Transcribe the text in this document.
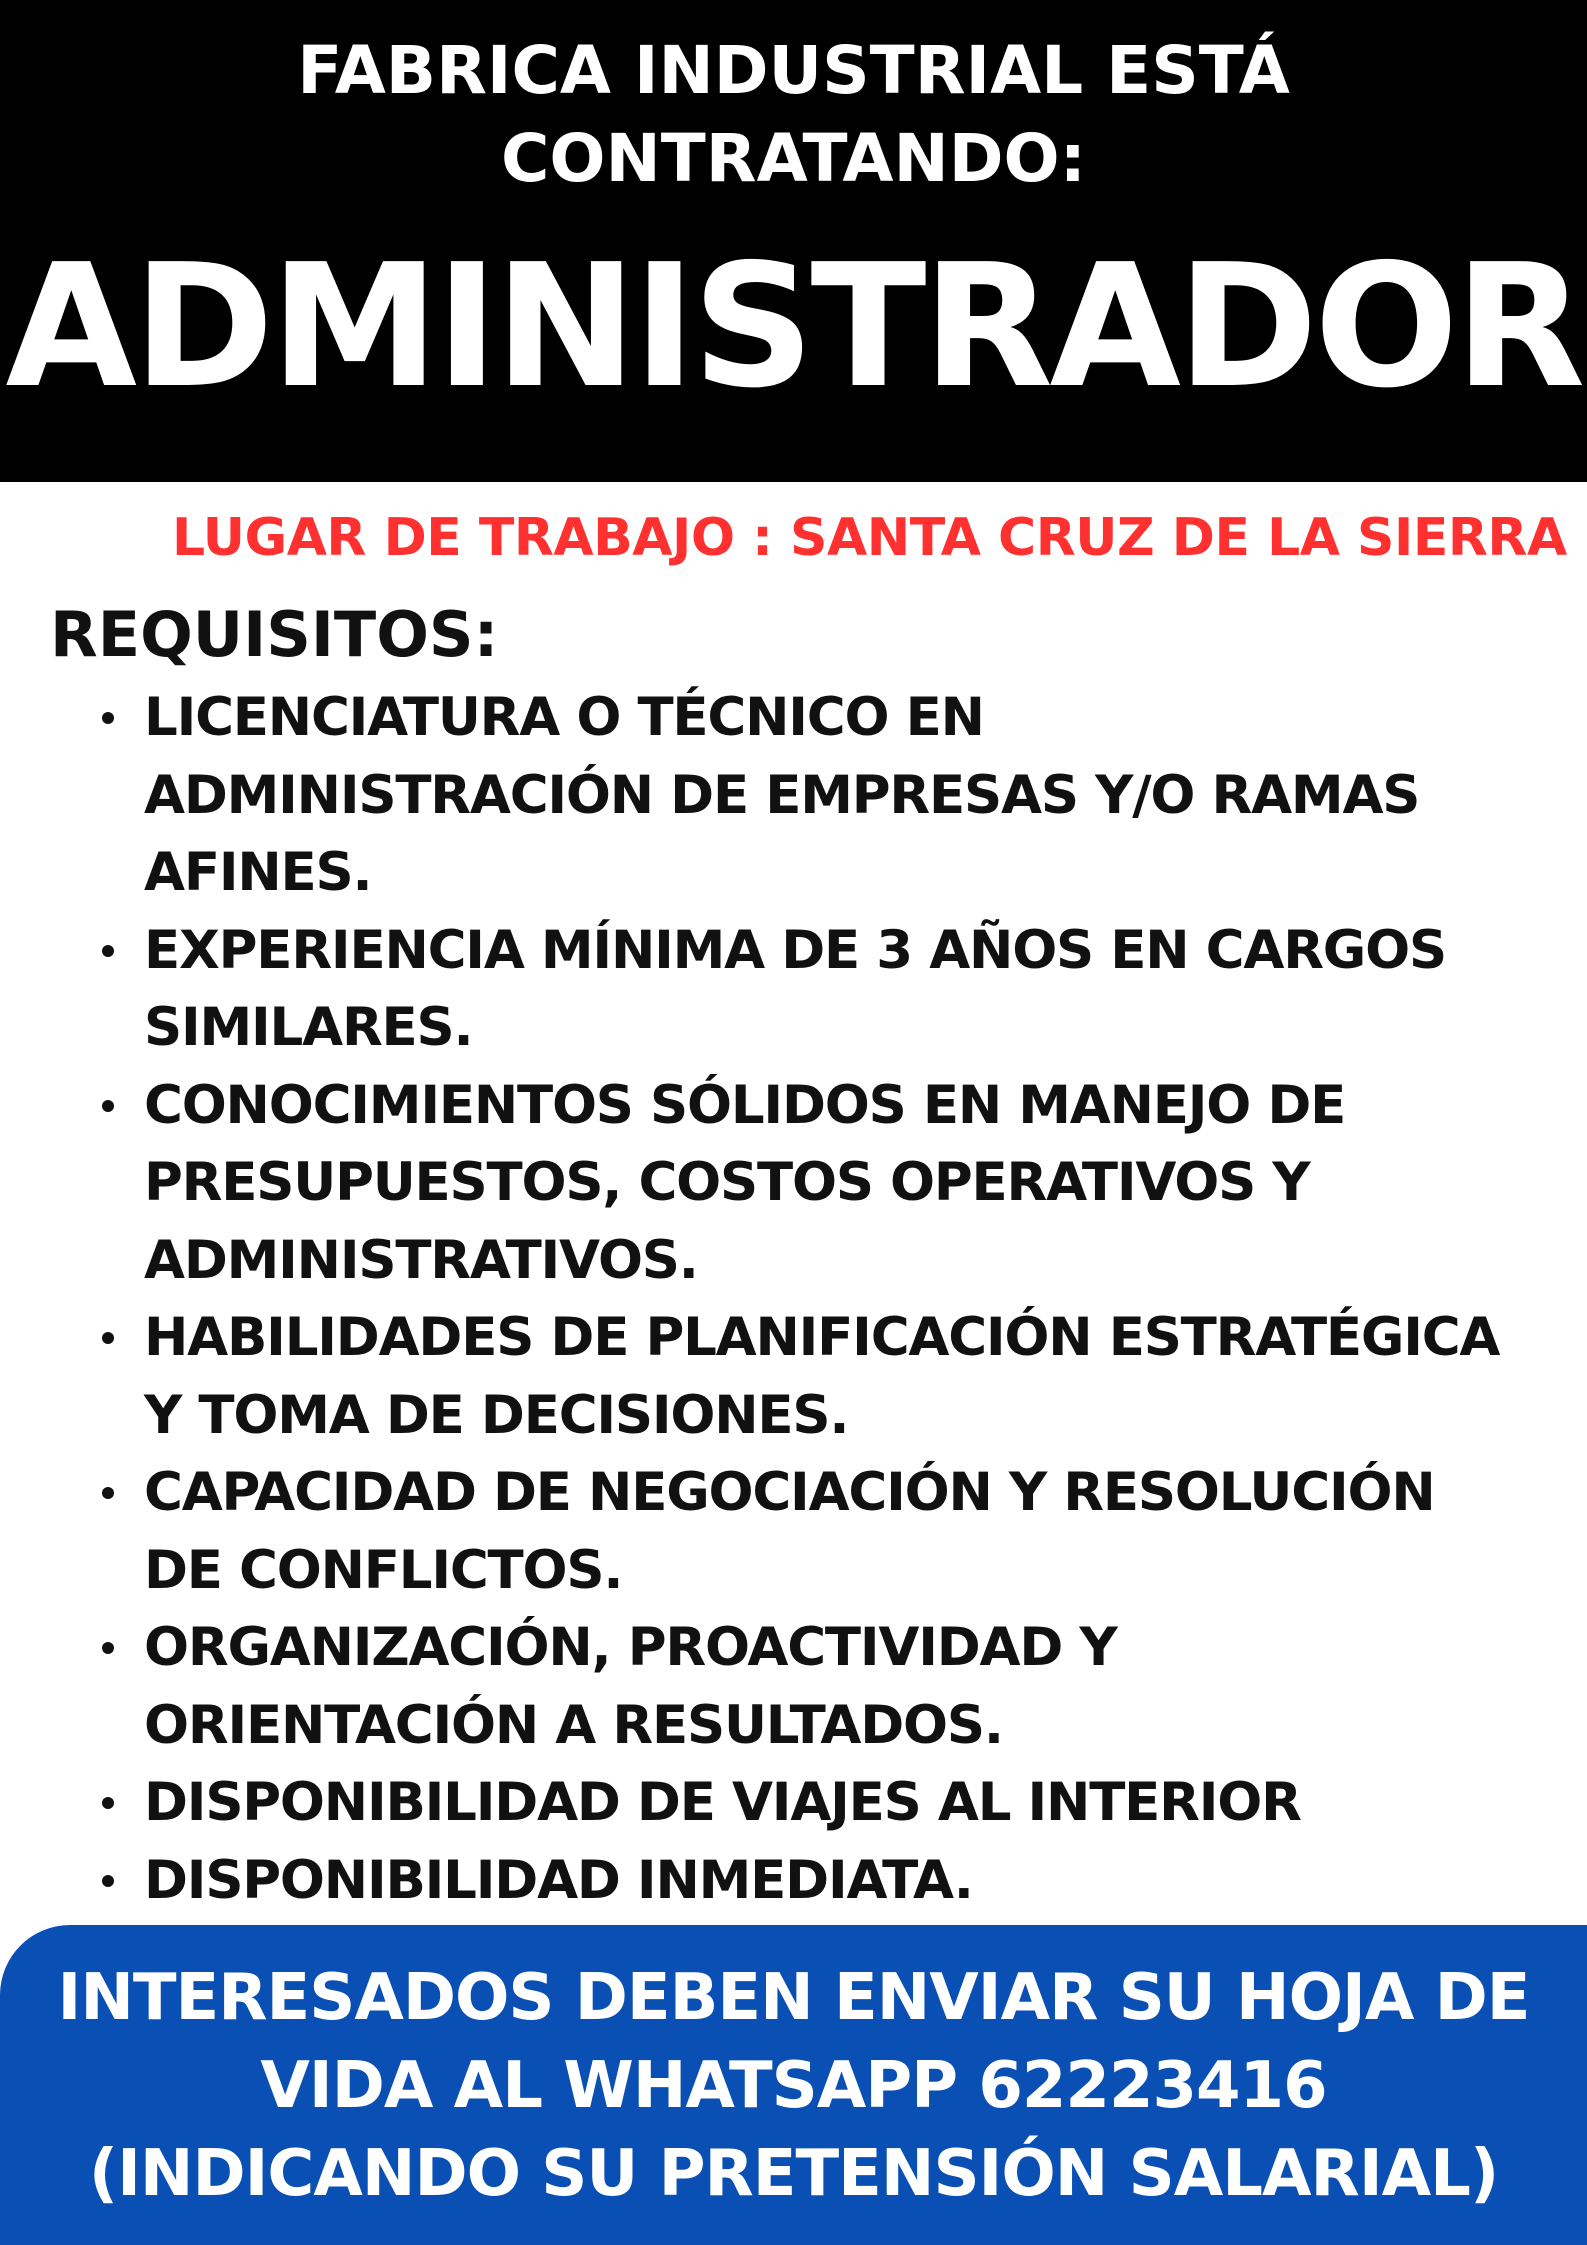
FABRICA INDUSTRIAL ESTÁ
CONTRATANDO:
ADMINISTRADOR
LUGAR DE TRABAJO : SANTA CRUZ DE LA SIERRA
REQUISITOS:
LICENCIATURA O TÉCNICO EN
ADMINISTRACIÓN DE EMPRESAS Y/O RAMAS
AFINES.
EXPERIENCIA MÍNIMA DE 3 AÑOS EN CARGOS
SIMILARES.
CONOCIMIENTOS SÓLIDOS EN MANEJO DE
PRESUPUESTOS, COSTOS OPERATIVOS Y
ADMINISTRATIVOS.
HABILIDADES DE PLANIFICACIÓN ESTRATÉGICA
Y TOMA DE DECISIONES.
CAPACIDAD DE NEGOCIACIÓN Y RESOLUCIÓN
DE CONFLICTOS.
ORGANIZACIÓN, PROACTIVIDAD Y
ORIENTACIÓN A RESULTADOS.
DISPONIBILIDAD DE VIAJES AL INTERIOR
DISPONIBILIDAD INMEDIATA.
INTERESADOS DEBEN ENVIAR SU HOJA DE
VIDA AL WHATSAPP 62223416
(INDICANDO SU PRETENSIÓN SALARIAL)
